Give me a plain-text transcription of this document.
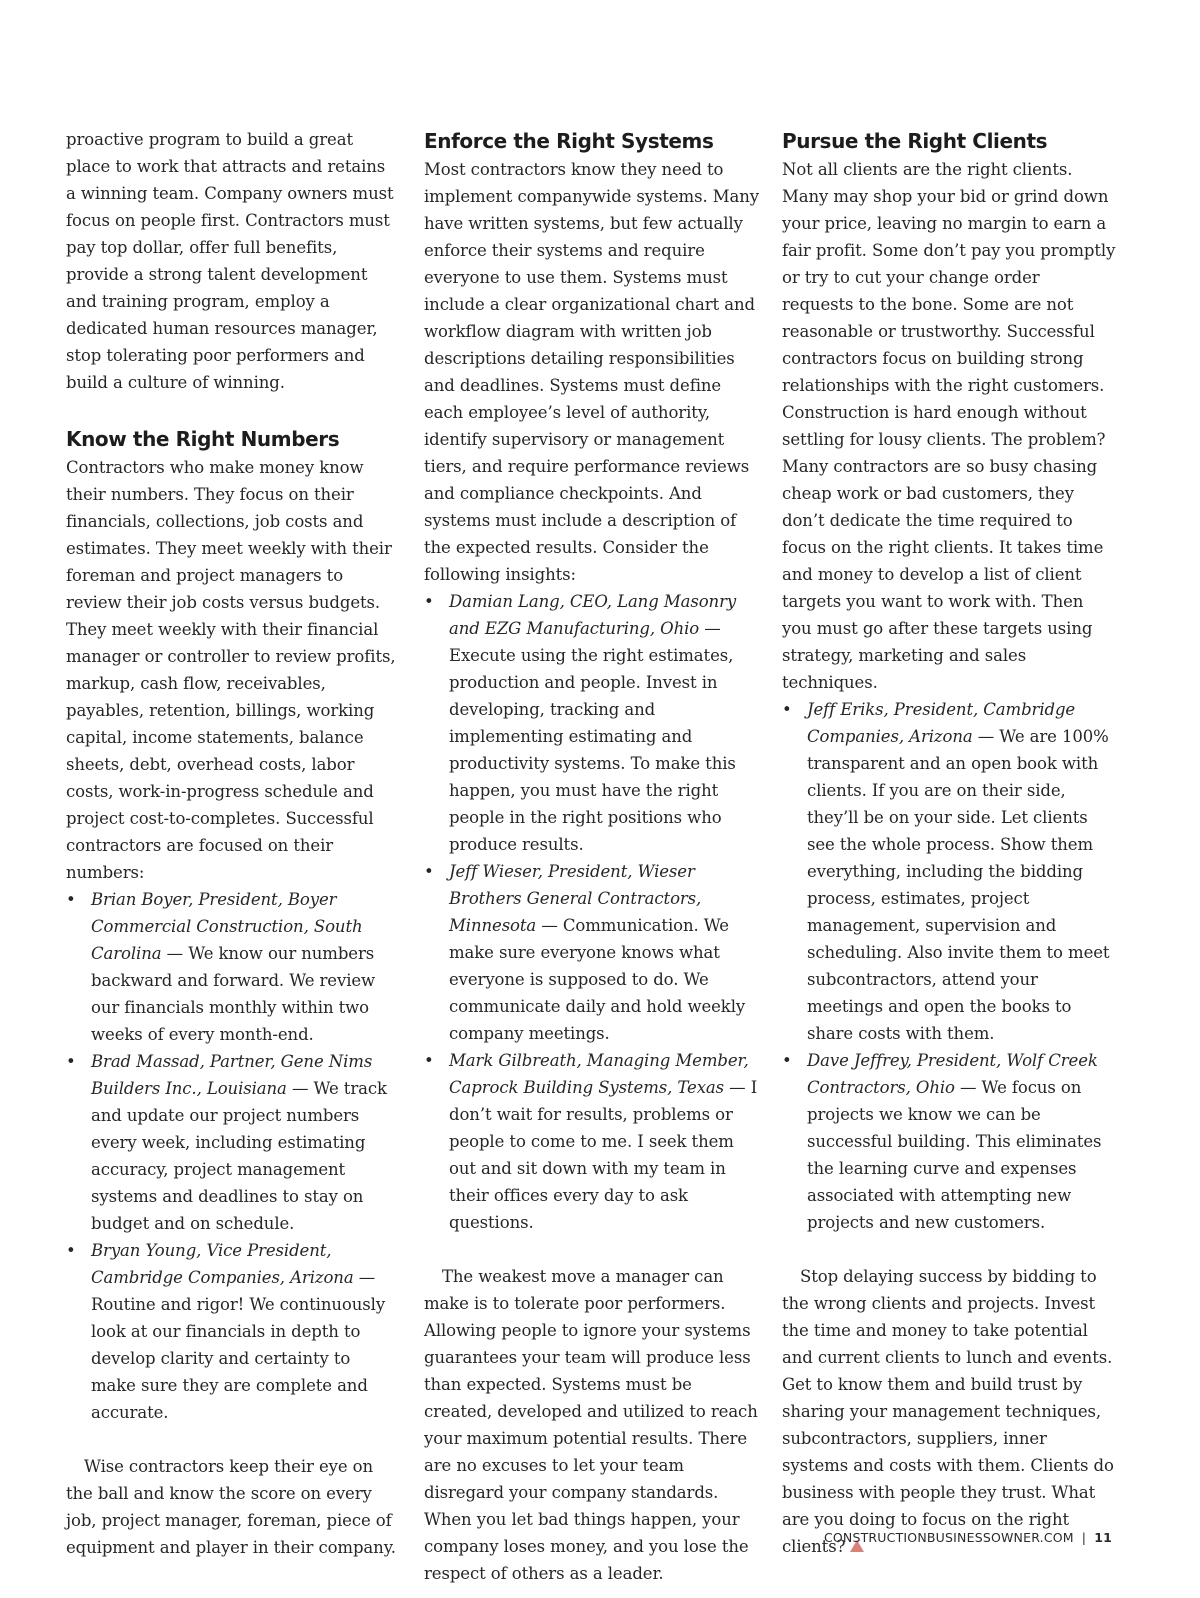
proactive program to build a great place to work that attracts and retains a winning team. Company owners must focus on people first. Contractors must pay top dollar, offer full benefits, provide a strong talent development and training program, employ a dedicated human resources manager, stop tolerating poor performers and build a culture of winning.

Know the Right Numbers

Contractors who make money know their numbers. They focus on their financials, collections, job costs and estimates. They meet weekly with their foreman and project managers to review their job costs versus budgets. They meet weekly with their financial manager or controller to review profits, markup, cash flow, receivables, payables, retention, billings, working capital, income statements, balance sheets, debt, overhead costs, labor costs, work-in-progress schedule and project cost-to-completes. Successful contractors are focused on their numbers:

• Brian Boyer, President, Boyer Commercial Construction, South Carolina — We know our numbers backward and forward. We review our financials monthly within two weeks of every month-end.
• Brad Massad, Partner, Gene Nims Builders Inc., Louisiana — We track and update our project numbers every week, including estimating accuracy, project management systems and deadlines to stay on budget and on schedule.
• Bryan Young, Vice President, Cambridge Companies, Arizona — Routine and rigor! We continuously look at our financials in depth to develop clarity and certainty to make sure they are complete and accurate.

Wise contractors keep their eye on the ball and know the score on every job, project manager, foreman, piece of equipment and player in their company.

Enforce the Right Systems

Most contractors know they need to implement companywide systems. Many have written systems, but few actually enforce their systems and require everyone to use them. Systems must include a clear organizational chart and workflow diagram with written job descriptions detailing responsibilities and deadlines. Systems must define each employee’s level of authority, identify supervisory or management tiers, and require performance reviews and compliance checkpoints. And systems must include a description of the expected results. Consider the following insights:

• Damian Lang, CEO, Lang Masonry and EZG Manufacturing, Ohio — Execute using the right estimates, production and people. Invest in developing, tracking and implementing estimating and productivity systems. To make this happen, you must have the right people in the right positions who produce results.
• Jeff Wieser, President, Wieser Brothers General Contractors, Minnesota — Communication. We make sure everyone knows what everyone is supposed to do. We communicate daily and hold weekly company meetings.
• Mark Gilbreath, Managing Member, Caprock Building Systems, Texas — I don’t wait for results, problems or people to come to me. I seek them out and sit down with my team in their offices every day to ask questions.

The weakest move a manager can make is to tolerate poor performers. Allowing people to ignore your systems guarantees your team will produce less than expected. Systems must be created, developed and utilized to reach your maximum potential results. There are no excuses to let your team disregard your company standards. When you let bad things happen, your company loses money, and you lose the respect of others as a leader.

Pursue the Right Clients

Not all clients are the right clients. Many may shop your bid or grind down your price, leaving no margin to earn a fair profit. Some don’t pay you promptly or try to cut your change order requests to the bone. Some are not reasonable or trustworthy. Successful contractors focus on building strong relationships with the right customers. Construction is hard enough without settling for lousy clients. The problem? Many contractors are so busy chasing cheap work or bad customers, they don’t dedicate the time required to focus on the right clients. It takes time and money to develop a list of client targets you want to work with. Then you must go after these targets using strategy, marketing and sales techniques.

• Jeff Eriks, President, Cambridge Companies, Arizona — We are 100% transparent and an open book with clients. If you are on their side, they’ll be on your side. Let clients see the whole process. Show them everything, including the bidding process, estimates, project management, supervision and scheduling. Also invite them to meet subcontractors, attend your meetings and open the books to share costs with them.
• Dave Jeffrey, President, Wolf Creek Contractors, Ohio — We focus on projects we know we can be successful building. This eliminates the learning curve and expenses associated with attempting new projects and new customers.

Stop delaying success by bidding to the wrong clients and projects. Invest the time and money to take potential and current clients to lunch and events. Get to know them and build trust by sharing your management techniques, subcontractors, suppliers, inner systems and costs with them. Clients do business with people they trust. What are you doing to focus on the right clients?

CONSTRUCTIONBUSINESSOWNER.COM | 11
